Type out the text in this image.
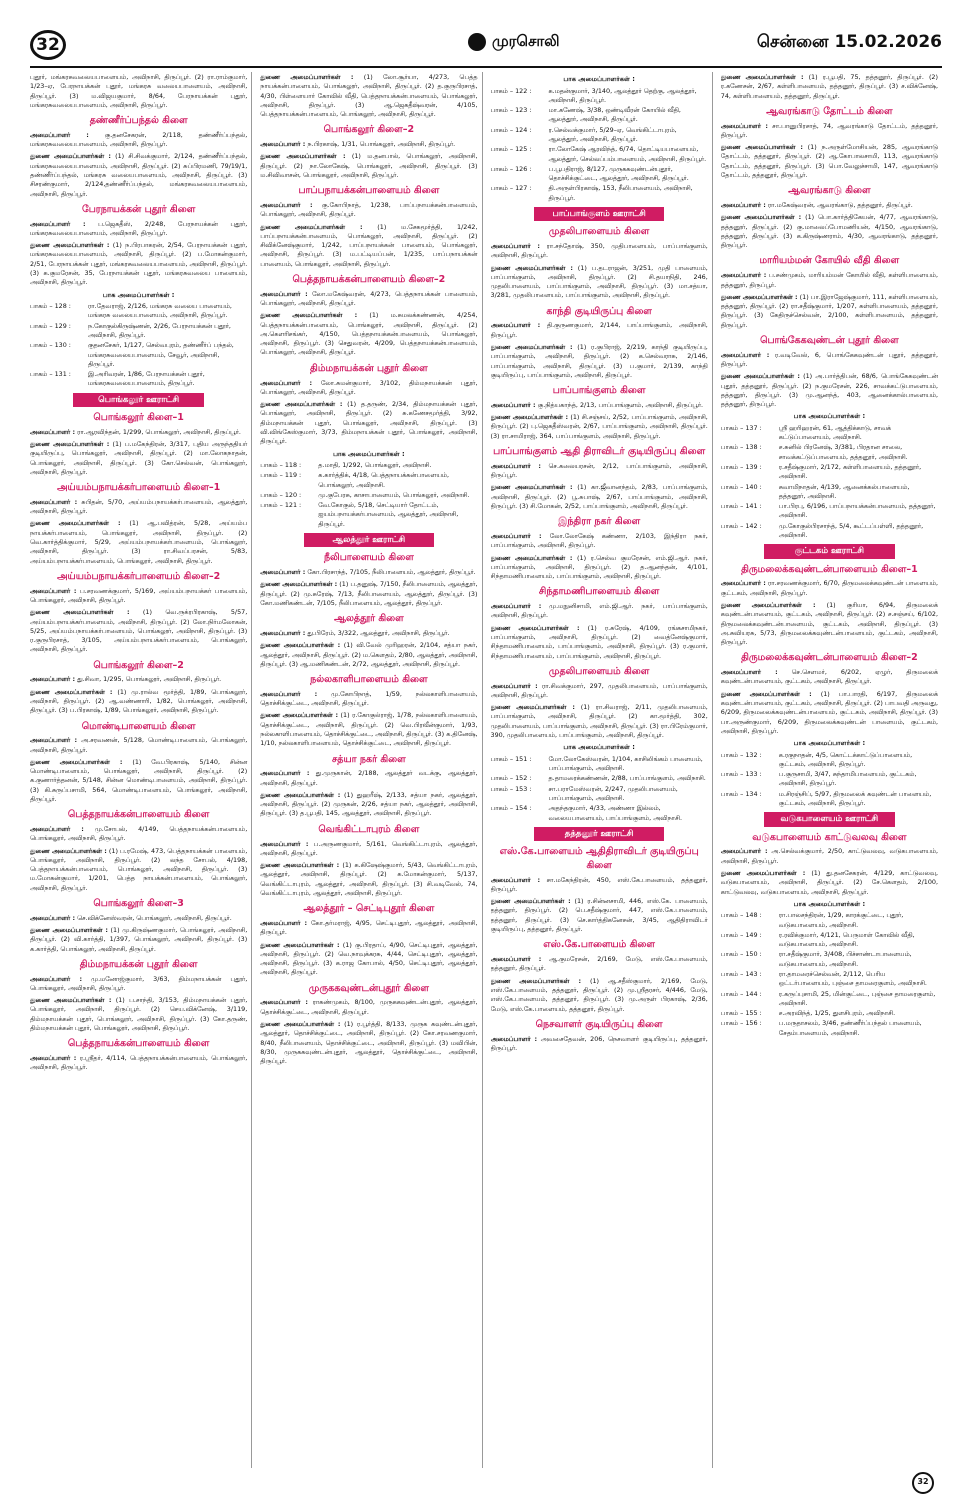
32	முரசொலி	சென்னை 15.02.2026
புதூர், மங்கரசுவலையபாளையம், அவிநாசி, திருப்பூர். (2) ரா.ராம்குமார், 1/23–ஏ, பேரநாயக்கன் புதூர், மங்கரசு வலையபாளையம், அவிநாசி, திருப்பூர். (3) ம.விஜயகுமார், 8/64, பேரநாயக்கன் புதூர், மங்கரசுவலையபாளையம், அவிநாசி, திருப்பூர்.
தண்ணீர்ப்பந்தல் கிளை
அமைப்பாளர் : கு.தனசேகரன், 2/118, தண்ணீர்ப்பந்தல், மங்கரசுவலையபாளையம், அவிநாசி, திருப்பூர்.
துணை அமைப்பாளர்கள் : (1) சி.சிவக்குமார், 2/124, தண்ணீர்ப்பந்தல், மங்கரசுவலையபாளையம், அவிநாசி, திருப்பூர். (2) சுப்பிரமணி, 79/19/1, தண்ணீர்ப்பந்தல், மங்கரசு வலையபாளையம், அவிநாசி, திருப்பூர். (3) சிசரண்குமார், 2/124,தண்ணீர்ப்பந்தல், மங்கரசுவலையபாளையம், அவிநாசி, திருப்பூர்.
பேரநாயக்கன் புதூர் கிளை
அமைப்பாளர் : ப.ஜெகதீஸ், 2/248, பேரநாயக்கன் புதூர், மங்கரசுவலையபாளையம், அவிநாசி, திருப்பூர்.
துணை அமைப்பாளர்கள் : (1) ந.பிரபாகரன், 2/54, பேரநாயக்கன் புதூர், மங்கரசுவலையபாளையம், அவிநாசி, திருப்பூர். (2) ப.மோகன்குமார், 2/51, பேரநாயக்கன் புதூர், மங்கரசுவலையபாளையம், அவிநாசி, திருப்பூர். (3) க.குமரேசன், 35, பேரநாயக்கன் புதூர், மங்கரசுவலைய பாளையம், அவிநாசி, திருப்பூர்.
பாக அமைப்பாளர்கள் :
பாகம் – 128 :	ரா.தேவராஜ், 2/126, மங்கரசு வலைய பாளையம், மங்கரசு வலையபாளையம், அவிநாசி, திருப்பூர்.
பாகம் – 129 :	ந.கோகுல்கிருஷ்ணன், 2/26, பேரநாயக்கன் புதூர், அவிநாசி, திருப்பூர்.
பாகம் – 130 :	குதனசேகர், 1/127, செல்வபுரம், தண்ணீர்ப் பந்தல், மங்கரசுவலையபாளையம், சேவூர், அவிநாசி, திருப்பூர்.
பாகம் – 131 :	இ.அரிவரன், 1/86, பேரநாயக்கன் புதூர், மங்கரசுவலையபாளையம், திருப்பூர்.
பொங்கலூர் ஊராட்சி
பொங்கலூர் கிளை–1
அமைப்பாளர் : ரா.ஆரவிந்தன், 1/299, பொங்கலூர், அவிநாசி, திருப்பூர்.
துணை அமைப்பாளர்கள் : (1) ப.மகேந்திரன், 3/317, புதிய அருந்ததியர் குடியிருப்பு, பொங்கலூர், அவிநாசி, திருப்பூர். (2) மா.லோகநாதன், பொங்கலூர், அவிநாசி, திருப்பூர். (3) கோ.செல்வன், பொங்கலூர், அவிநாசி, திருப்பூர்.
அய்யம்பநாயக்கர்பாளையம் கிளை–1
அமைப்பாளர் : சுபிதன், 5/70, அய்யம்பநாயக்கர்பாளையம், ஆலத்தூர், அவிநாசி, திருப்பூர்.
துணை அமைப்பாளர்கள் : (1) ஆ.பவித்ரன், 5/28, அய்யம்ப நாயக்கர்பாளையம், பொங்கலூர், அவிநாசி, திருப்பூர். (2) வெ.கார்த்திக்குமார், 5/29, அய்யம்பநாயக்கர்பாளையம், பொங்கலூர், அவிநாசி, திருப்பூர். (3) ரா.சிவப்பரசன், 5/83, அய்யம்பநாயக்கர்பாளையம், பொங்கலூர், அவிநாசி, திருப்பூர்.
அய்யம்பநாயக்கர்பாளையம் கிளை–2
அமைப்பாளர் : ப.சரவணக்குமார், 5/169, அய்யம்பநாயக்கர் பாளையம், பொங்கலூர், அவிநாசி, திருப்பூர்.
துணை அமைப்பாளர்கள் : (1) வெ.ருக்ரபிரகாஷ், 5/57, அய்யம்பநாயக்கர்பாளையம், அவிநாசி, திருப்பூர். (2) லோ.நிர்மலோகன், 5/25, அய்யம்பநாயக்கர்பாளையம், பொங்கலூர், அவிநாசி, திருப்பூர். (3) ர.குருபிரசாத், 3/105, அய்யம்பநாயக்கர்பாளையம், பொங்கலூர், அவிநாசி, திருப்பூர்.
பொங்கலூர் கிளை–2
அமைப்பாளர் : து.சிவா, 1/295, பொங்கலூர், அவிநாசி, திருப்பூர்.
துணை அமைப்பாளர்கள் : (1) மு.ரால்வ மூர்த்தி, 1/89, பொங்கலூர், அவிநாசி, திருப்பூர். (2) ஆ.வண்ணாரி, 1/82, பொங்கலூர், அவிநாசி, திருப்பூர். (3) ப.பிரகாஷ், 1/89, பொங்கலூர், அவிநாசி, திருப்பூர்.
மொண்டிபாளையம் கிளை
அமைப்பாளர் : அ.சரவணன், 5/128, மொண்டிபாளையம், பொங்கலூர், அவிநாசி, திருப்பூர்.
துணை அமைப்பாளர்கள் : (1) வே.பிரகாஷ், 5/140, சின்ன மொண்டிபாளையம், பொங்கலூர், அவிநாசி, திருப்பூர். (2) க.குணார்த்தனன், 5/148, சின்ன மொண்டிபாளையம், அவிநாசி, திருப்பூர். (3) கி.சுருப்பசாமி, 564, மொண்டிபாளையம், பொங்கலூர், அவிநாசி, திருப்பூர்.
பெத்தநாயக்கன்பாளையம் கிளை
அமைப்பாளர் : மு.சோபல், 4/149, பெத்தநாயக்கன்பாளையம், பொங்கலூர், அவிநாசி, திருப்பூர்.
துணை அமைப்பாளர்கள் : (1) ப.ரமேஷ், 473, பெத்தநாயக்கன் பாளையம், பொங்கலூர், அவிநாசி, திருப்பூர். (2) லந்த சோபல், 4/198, பெத்தநாயக்கன்பாளையம், பொங்கலூர், அவிநாசி, திருப்பூர். (3) ம.மோகன்குமார், 1/201, பெத்த நாயக்கன்பாளையம், பொங்கலூர், அவிநாசி, திருப்பூர்.
பொங்கலூர் கிளை–3
அமைப்பாளர் : செ.விக்னேஸ்வரன், பொங்கலூர், அவிநாசி, திருப்பூர்.
துணை அமைப்பாளர்கள் : (1) மு.கிருஷ்ணகுமார், பொங்கலூர், அவிநாசி, திருப்பூர். (2) வி.கார்த்தி, 1/397, பொங்கலூர், அவிநாசி, திருப்பூர். (3) க.கார்த்தி, பொங்கலூர், அவிநாசி, திருப்பூர்.
திம்மநாயக்கன் புதூர் கிளை
அமைப்பாளர் : மு.மனோஜ்குமார், 3/63, திம்மநாயக்கன் புதூர், பொங்கலூர், அவிநாசி, திருப்பூர்.
துணை அமைப்பாளர்கள் : (1) ப.சாந்தி, 3/153, திம்மநாயக்கன் புதூர், பொங்கலூர், அவிநாசி, திருப்பூர். (2) செய.விக்னேஷ், 3/119, திம்மநாயக்கன் புதூர், பொங்கலூர், அவிநாசி, திருப்பூர். (3) கோ.தருண், திம்மநாயக்கன் புதூர், பொங்கலூர், அவிநாசி, திருப்பூர்.
பெத்தநாயக்கன்பாளையம் கிளை
அமைப்பாளர் : ர.ஸ்ரீதர், 4/114, பெத்தநாயக்கன்பாளையம், பொங்கலூர், அவிநாசி, திருப்பூர்.
துணை அமைப்பாளர்கள் : (1) லோ.சூர்யா, 4/273, பெத்த நாயக்கன்பாளையம், பொங்கலூர், அவிநாசி, திருப்பூர். (2) த.குருபிரசாத், 4/30, பிள்ளையார் கோவில் வீதி, பெத்தநாயக்கன்பாளையம், பொங்கலூர், அவிநாசி, திருப்பூர். (3) ஆ.ஜெகதீஷ்வரன், 4/105, பெத்தநாயக்கன்பாளையம், பொங்கலூர், அவிநாசி, திருப்பூர்.
பொங்கலூர் கிளை–2
அமைப்பாளர் : ந.பிரகாஷ், 1/31, பொங்கலூர், அவிநாசி, திருப்பூர்.
துணை அமைப்பாளர்கள் : (1) ம.தனபால், பொங்கலூர், அவிநாசி, திருப்பூர். (2) நா.லோகேஷ், பொங்கலூர், அவிநாசி, திருப்பூர். (3) ம.சிவிவாசன், பொங்கலூர், அவிநாசி, திருப்பூர்.
பாப்பநாயக்கன்பாளையம் கிளை
அமைப்பாளர் : கு.கோபிநாத், 1/238, பாப்பநாயக்கன்பாளையம், பொங்கலூர், அவிநாசி, திருப்பூர்.
துணை அமைப்பாளர்கள் : (1) ம.சேகமூர்த்தி, 1/242, பாப்பநாயக்கன்பாளையம், பொங்கலூர், அவிநாசி, திருப்பூர். (2) சிவிக்னேஷ்குமார், 1/242, பாப்பநாயக்கன் பாளையம், பொங்கலூர், அவிநாசி, திருப்பூர். (3) ம.பட்டியப்பன், 1/235, பாப்பநாயக்கன் பாளையம், பொங்கலூர், அவிநாசி, திருப்பூர்.
பெத்தநாயக்கன்பாளையம் கிளை–2
அமைப்பாளர் : லோ.மகேஷ்வரன், 4/273, பெத்தநாயக்கன் பாளையம், பொங்கலூர், அவிநாசி, திருப்பூர்.
துணை அமைப்பாளர்கள் : (1) ம.சுமலக்கண்ணன், 4/254, பெத்தநாயக்கன்பாளையம், பொங்கலூர், அவிநாசி, திருப்பூர். (2) அ.கௌரிசங்கர், 4/150, பெத்தநாயக்கன்பாளையம், பொங்கலூர், அவிநாசி, திருப்பூர். (3) செதுவரன், 4/209, பெத்தநாயக்கன்பாளையம், பொங்கலூர், அவிநாசி, திருப்பூர்.
திம்மநாயக்கன் புதூர் கிளை
அமைப்பாளர் : லோ.சுமன்குமார், 3/102, திம்மநாயக்கன் புதூர், பொங்கலூர், அவிநாசி, திருப்பூர்.
துணை அமைப்பாளர்கள் : (1) த.தருண், 2/34, திம்மநாயக்கன் புதூர், பொங்கலூர், அவிநாசி, திருப்பூர். (2) சு.கணேசமூர்த்தி, 3/92, திம்மநாயக்கன் புதூர், பொங்கலூர், அவிநாசி, திருப்பூர். (3) வி.விங்கேஸ்குமார், 3/73, திம்மநாயக்கன் புதூர், பொங்கலூர், அவிநாசி, திருப்பூர்.
பாக அமைப்பாளர்கள் :
பாகம் – 118 :	த.மாதி, 1/292, பொங்கலூர், அவிநாசி.
பாகம் – 119 :	க.கார்த்திக், 4/18, பெத்தநாயக்கன்பாளையம், பொங்கலூர், அவிநாசி.
பாகம் – 120 :	மு.குபேரசு, காசாபாளையம், பொங்கலூர், அவிநாசி.
பாகம் – 121 :	வே.கோகுல், 5/18, செட்டியார் தோட்டம், ஐயம்பநாயக்கர்பாளையம், ஆலத்தூர், அவிநாசி, திருப்பூர்.
ஆலத்தூர் ஊராட்சி
நீலிபாளையம் கிளை
அமைப்பாளர் : கோ.பிரசாந்த், 7/105, நீலிபாளையம், ஆலத்தூர், திருப்பூர்.
துணை அமைப்பாளர்கள் : (1) ப.தனுஷ், 7/150, நீலிபாளையம், ஆலத்தூர், திருப்பூர். (2) மு.சுரேஷ், 7/13, நீலிபாளையம், ஆலத்தூர், திருப்பூர். (3) கோ.மணிகண்டன், 7/105, நீலிபாளையம், ஆலத்தூர், திருப்பூர்.
ஆலத்தூர் கிளை
அமைப்பாளர் : து.பிரேம், 3/322, ஆலத்தூர், அவிநாசி, திருப்பூர்.
துணை அமைப்பாளர்கள் : (1) வி.வேல் முரிஹரன், 2/104, சத்யா நகர், ஆலத்தூர், அவிநாசி, திருப்பூர். (2) ம.கௌதம், 2/80, ஆலத்தூர், அவிநாசி, திருப்பூர். (3) ஆ.மணிகண்டன், 2/72, ஆலத்தூர், அவிநாசி, திருப்பூர்.
நல்லகாளிபாளையம் கிளை
அமைப்பாளர் : மு.கோபிநாத், 1/59, நல்லகாளிபாளையம், தொச்சிக்குட்டை, அவிநாசி, திருப்பூர்.
துணை அமைப்பாளர்கள் : (1) ர.கோகுல்ராஜ், 1/78, நல்லகாளிபாளையம், தொச்சிக்குட்டை, அவிநாசி, திருப்பூர். (2) வெ.பிரவீன்குமார், 1/93, நல்லகாளிபாளையம், தொச்சிக்குட்டை, அவிநாசி, திருப்பூர். (3) க.தினேஷ், 1/10, நல்லகாளிபாளையம், தொச்சிக்குட்டை, அவிநாசி, திருப்பூர்.
சத்யா நகர் கிளை
அமைப்பாளர் : து.முருகான், 2/188, ஆலத்தூர் வடக்கு, ஆலத்தூர், அவிநாசி, திருப்பூர்.
துணை அமைப்பாளர்கள் : (1) துஹரீஷ், 2/133, சத்யா நகர், ஆலத்தூர், அவிநாசி, திருப்பூர். (2) முருகன், 2/26, சத்யா நகர், ஆலத்தூர், அவிநாசி, திருப்பூர். (3) த.பூபதி, 145, ஆலத்தூர், அவிநாசி, திருப்பூர்.
வெங்கிட்டாபுரம் கிளை
அமைப்பாளர் : ப.அருணகுமார், 5/161, வெங்கிட்டாபுரம், ஆலத்தூர், அவிநாசி, திருப்பூர்.
துணை அமைப்பாளர்கள் : (1) க.கிஷேஷ்குமார், 5/43, வெங்கிட்டாபுரம், ஆலத்தூர், அவிநாசி, திருப்பூர். (2) க.மோகன்குமார், 5/137, வெங்கிட்டாபுரம், ஆலத்தூர், அவிநாசி, திருப்பூர். (3) சி.வடிவேல், 74, வெங்கிட்டாபுரம், ஆலத்தூர், அவிநாசி, திருப்பூர்.
ஆலத்தூர் – செட்டிபுதூர் கிளை
அமைப்பாளர் : கோ.தர்மராஜ், 4/95, செட்டிபுதூர், ஆலத்தூர், அவிநாசி, திருப்பூர்.
துணை அமைப்பாளர்கள் : (1) கு.பிரதாப், 4/90, செட்டிபுதூர், ஆலத்தூர், அவிநாசி, திருப்பூர். (2) வெ.நாவுக்கரசு, 4/44, செட்டிபுதூர், ஆலத்தூர், அவிநாசி, திருப்பூர். (3) க.ராஜ கோபால், 4/50, செட்டிபுதூர், ஆலத்தூர், அவிநாசி, திருப்பூர்.
முருககவுண்டன்புதூர் கிளை
அமைப்பாளர் : ராகண்முகம், 8/100, முருககவுண்டன்புதூர், ஆலத்தூர், தொச்சிக்குட்டை, அவிநாசி, திருப்பூர்.
துணை அமைப்பாளர்கள் : (1) ர.பூர்த்தி, 8/133, முருக கவுண்டன்புதூர், ஆலத்தூர், தொச்சிக்குட்டை, அவிநாசி, திருப்பூர். (2) கோ.சரவணகுமார், 8/40, நீலிபாளையம், தொச்சிக்குட்டை, அவிநாசி, திருப்பூர். (3) மவிபின், 8/30, முருககவுண்டன்புதூர், ஆலத்தூர், தொச்சிக்குட்டை, அவிநாசி, திருப்பூர்.
பாக அமைப்பாளர்கள் :
பாகம் – 122 :	க.மதன்குமார், 3/140, ஆலத்தூர் தெற்கு, ஆலத்தூர், அவிநாசி, திருப்பூர்.
பாகம் – 123 :	மா.கணேஷ், 3/38, ஒண்டிவீரன் கோயில் வீதி, ஆலத்தூர், அவிநாசி, திருப்பூர்.
பாகம் – 124 :	ர.செல்வக்குமார், 5/29–ஏ, வெங்கிட்டாபுரம், ஆலத்தூர், அவிநாசி, திருப்பூர்.
பாகம் – 125 :	ரா.லோகேஷ் ஆரவிந்த், 6/74, தொட்டியபாளையம், ஆலத்தூர், செல்லப்பம்பாளையம், அவிநாசி, திருப்பூர்.
பாகம் – 126 :	ப.பூபதிராஜ், 8/127, முருககவுண்டன்புதூர், தொச்சிக்குட்டை, ஆலத்தூர், அவிநாசி, திருப்பூர்.
பாகம் – 127 :	தி.அருள்பிரகாஷ், 153, நீலிபாளையம், அவிநாசி, திருப்பூர்.
பாப்பாங்குளம் ஊராட்சி
முதலிபாளையம் கிளை
அமைப்பாளர் : ரா.சந்தோஷ், 350, முதிபாளையம், பாப்பாங்குளம், அவிநாசி, திருப்பூர்.
துணை அமைப்பாளர்கள் : (1) ப.தடராஜன், 3/251, முதி பாளையம், பாப்பாங்குளம், அவிநாசி, திருப்பூர். (2) சி.தயாநிதி, 246, முதலிபாளையம், பாப்பாங்குளம், அவிநாசி, திருப்பூர். (3) மா.சத்யா, 3/281, முதலிபாளையம், பாப்பாங்குளம், அவிநாசி, திருப்பூர்.
காந்தி குடியிருப்பு கிளை
அமைப்பாளர் : தி.குருணகுமார், 2/144, பாப்பாங்குளம், அவிநாசி, திருப்பூர்.
துணை அமைப்பாளர்கள் : (1) ர.குபிராஜ், 2/219, காந்தி குடியிருப்பு, பாப்பாங்குளம், அவிநாசி, திருப்பூர். (2) க.செல்வராசு, 2/146, பாப்பாங்குளம், அவிநாசி, திருப்பூர். (3) ப.குமார், 2/139, காந்தி குடியிருப்பு, பாப்பாங்குளம், அவிநாசி, திருப்பூர்.
பாப்பாங்குளம் கிளை
அமைப்பாளர் : கு.நித்யகாந்த், 2/13, பாப்பாங்குளம், அவிநாசி, திருப்பூர்.
துணை அமைப்பாளர்கள் : (1) சி.சஞ்சய், 2/52, பாப்பாங்குளம், அவிநாசி, திருப்பூர். (2) பு.ஜெகதீஸ்வரன், 2/67, பாப்பாங்குளம், அவிநாசி, திருப்பூர். (3) ரா.சாமிராஜ், 364, பாப்பாங்குளம், அவிநாசி, திருப்பூர்.
பாப்பாங்குளம் ஆதி திராவிடர் குடியிருப்பு கிளை
அமைப்பாளர் : செ.கலையரசன், 2/12, பாப்பாங்குளம், அவிநாசி, திருப்பூர்.
துணை அமைப்பாளர்கள் : (1) கா.ஜீவானந்தம், 2/83, பாப்பாங்குளம், அவிநாசி, திருப்பூர். (2) பூ.சுபாஷ், 2/67, பாப்பாங்குளம், அவிநாசி, திருப்பூர். (3) சி.மோகன், 2/52, பாப்பாங்குளம், அவிநாசி, திருப்பூர்.
இந்திரா நகர் கிளை
அமைப்பாளர் : லோ.லோகேஷ் கண்ணா, 2/103, இந்திரா நகர், பாப்பாங்குளம், அவிநாசி, திருப்பூர்.
துணை அமைப்பாளர்கள் : (1) ர.செல்வ குமரேசன், எம்.ஜி.ஆர். நகர், பாப்பாங்குளம், அவிநாசி, திருப்பூர். (2) த.ஆனந்தன், 4/101, சிந்தாமணிபாளையம், பாப்பாங்குளம், அவிநாசி, திருப்பூர்.
சிந்தாமணிபாளையம் கிளை
அமைப்பாளர் : மு.மநுனிசாமி, எம்.ஜி.ஆர். நகர், பாப்பாங்குளம், அவிநாசி, திருப்பூர்.
துணை அமைப்பாளர்கள் : (1) ர.சுரேஷ், 4/109, ரங்கசாமிநகர், பாப்பாங்குளம், அவிநாசி, திருப்பூர். (2) வைத்னேஷ்குமார், சிந்தாமணிபாளையம், பாப்பாங்குளம், அவிநாசி, திருப்பூர். (3) ர.குமார், சிந்தாமணிபாளையம், பாப்பாங்குளம், அவிநாசி, திருப்பூர்.
முதலிபாளையம் கிளை
அமைப்பாளர் : ரா.சிவக்குமார், 297, முதலிபாளையம், பாப்பாங்குளம், அவிநாசி, திருப்பூர்.
துணை அமைப்பாளர்கள் : (1) ரா.சிவராஜ், 2/11, முதலிபாளையம், பாப்பாங்குளம், அவிநாசி, திருப்பூர். (2) கா.மூர்த்தி, 302, முதலிபாளையம், பாப்பாங்குளம், அவிநாசி, திருப்பூர். (3) ரா.பிரேம்குமார், 390, முதலிபாளையம், பாப்பாங்குளம், அவிநாசி, திருப்பூர்.
பாக அமைப்பாளர்கள் :
பாகம் – 151 :	மோ.லோகேஸ்வரன், 1/104, காசிலிங்கம் பாளையம், பாப்பாங்குளம், அவிநாசி.
பாகம் – 152 :	த.தாமரைக்கண்ணன், 2/88, பாப்பாங்குளம், அவிநாசி.
பாகம் – 153 :	சா.பராமேஸ்வரன், 2/247, முதலிபாளையம், பாப்பாங்குளம், அவிநாசி.
பாகம் – 154 :	அதந்தகுமார், 4/33, அண்ணா இல்லம், வலையபாளையம், பாப்பாங்குளம், அவிநாசி.
தத்தனூர் ஊராட்சி
எஸ்.கே.பாளையம் ஆதிதிராவிடர் குடியிருப்பு கிளை
அமைப்பாளர் : சா.மகேந்திரன், 450, எஸ்.கே.பாளையம், தத்தனூர், திருப்பூர்.
துணை அமைப்பாளர்கள் : (1) ர.சின்னசாமி, 446, எஸ்.கே. பாளையம், தத்தனூர், திருப்பூர். (2) பெ.சதீஷ்குமார், 447, எஸ்.கே.பாளையம், தத்தனூர், திருப்பூர். (3) செ.கார்த்திகனேசன், 3/45, ஆதிதிராவிடர் குடியிருப்பு, தத்தனூர், திருப்பூர்.
எஸ்.கே.பாளையம் கிளை
அமைப்பாளர் : ஆ.குமரேசன், 2/169, மேடு, எஸ்.கே.பாளையம், தத்தனூர், திருப்பூர்.
துணை அமைப்பாளர்கள் : (1) ஆ.சதீஸ்குமார், 2/169, மேடு, எஸ்.கே.பாளையம், தத்தனூர், திருப்பூர். (2) மு.ஸ்ரீதரசர், 4/446, மேடு, எஸ்.கே.பாளையம், தத்தனூர், திருப்பூர். (3) மு.அருள் பிரகாஷ், 2/36, மேடு, எஸ்.கே.பாளையம், தத்தனூர், திருப்பூர்.
நெசவாளர் குடியிருப்பு கிளை
அமைப்பாளர் : அவசைதேவன், 206, நெசவாளர் குடியிருப்பு, தத்தனூர், திருப்பூர்.
துணை அமைப்பாளர்கள் : (1) ர.பூபதி, 75, தத்தனூர், திருப்பூர். (2) ர.கணேசன், 2/67, கள்ளிபாளையம், தத்தனூர், திருப்பூர். (3) ச.விக்னேஷ், 74, கள்ளிபாளையம், தத்தனூர், திருப்பூர்.
ஆவரங்காடு தோட்டம் கிளை
அமைப்பாளர் : சா.பானுபிரசாத், 74, ஆவரங்காடு தோட்டம், தத்தனூர், திருப்பூர்.
துணை அமைப்பாளர்கள் : (1) ந.அருள்மோசியன், 285, ஆவரங்காடு தோட்டம், தத்தனூர், திருப்பூர். (2) ஆ.கோபாலசாமி, 113, ஆவரங்காடு தோட்டம், தத்தனூர், திருப்பூர். (3) பொ.வேலுச்சாமி, 147, ஆவரங்காடு தோட்டம், தத்தனூர், திருப்பூர்.
ஆவரங்காடு கிளை
அமைப்பாளர் : ரா.மகேஷ்வரன், ஆவரங்காடு, தத்தனூர், திருப்பூர்.
துணை அமைப்பாளர்கள் : (1) பொ.கார்த்திகேயன், 4/77, ஆவரங்காடு, தத்தனூர், திருப்பூர். (2) கு.மாலைப்போமணியன், 4/150, ஆவரங்காடு, தத்தனூர், திருப்பூர். (3) க.கிருஷ்ணராம், 4/30, ஆவரங்காடு, தத்தனூர், திருப்பூர்.
மாரியம்மன் கோயில் வீதி கிளை
அமைப்பாளர் : ப.சண்முகம், மாரியம்மன் கோயில் வீதி, கள்ளிபாளையம், தத்தனூர், திருப்பூர்.
துணை அமைப்பாளர்கள் : (1) பா.இராஜேஷ்குமார், 111, கள்ளிபாளையம், தத்தனூர், திருப்பூர். (2) ரா.சதீஷ்குமார், 1/207, கள்ளிபாளையம், தத்தனூர், திருப்பூர். (3) கேதிருச்செல்வன், 2/100, கள்ளிபாளையம், தத்தனூர், திருப்பூர்.
பொங்கேகவுண்டன் புதூர் கிளை
அமைப்பாளர் : ர.வடிவேல், 6, பொங்கேகவுண்டன் புதூர், தத்தனூர், திருப்பூர்.
துணை அமைப்பாளர்கள் : (1) அ.பார்த்திபன், 68/6, பொங்கேகவுண்டன் புதூர், தத்தனூர், திருப்பூர். (2) ந.குமரேசன், 226, சாவக்கட்டுபாளையம், தத்தனூர், திருப்பூர். (3) மு.ஆனந்த், 403, ஆனைக்கால்பாளையம், தத்தனூர், திருப்பூர்.
பாக அமைப்பாளர்கள் :
பாகம் – 137 :	ஸ்ரீ ஹரிஹரன், 61, ஆத்திக்காடு, சாவக் கட்டுப்பாளையம், அவிநாசி.
பாகம் – 138 :	ச.சுனில் பிரனேஷ், 3/381, பிரதான சாலை, சாவக்கட்டுப்பாளையம், தத்தனூர், அவிநாசி.
பாகம் – 139 :	ர.சதீஷ்குமார், 2/172, கள்ளிபாளையம், தத்தனூர், அவிநாசி.
பாகம் – 140 :	சுவாமிநாதன், 4/139, ஆனைக்கல்பாளையம், தத்தனூர், அவிநாசி.
பாகம் – 141 :	பா.பிரபு, 6/196, பாப்பநாயக்கன்பாளையம், தத்தனூர், அவிநாசி.
பாகம் – 142 :	மு.கோகுல்பிரசாந்த், 5/4, கூட்டப்பள்ளி, தத்தனூர், அவிநாசி.
குட்டகம் ஊராட்சி
திருமலைக்கவுண்டன்பாளையம் கிளை–1
அமைப்பாளர் : ரா.சரவணக்குமார், 6/70, திருமலைக்கவுண்டன் பாளையம், குட்டகம், அவிநாசி, திருப்பூர்.
துணை அமைப்பாளர்கள் : (1) குரியா, 6/94, திருமலைக் கவுண்டன்பாளையம், குட்டகம், அவிநாசி, திருப்பூர். (2) ச.சஞ்சய், 6/102, திருமலைக்கவுண்டன்பாளையம், குட்டகம், அவிநாசி, திருப்பூர். (3) அ.சுவியரசு, 5/73, திருமலைக்கவுண்டன்பாளையம், குட்டகம், அவிநாசி, திருப்பூர்.
திருமலைக்கவுண்டன்பாளையம் கிளை–2
அமைப்பாளர் : செ.சௌமர், 6/202, ஏழுர், திருமலைக் கவுண்டன்பாளையம், குட்டகம், அவிநாசி, திருப்பூர்.
துணை அமைப்பாளர்கள் : (1) பா.பாரதி, 6/197, திருமலைக் கவுண்டன்பாளையம், குட்டகம், அவிநாசி, திருப்பூர். (2) பாபவதி அருவது, 6/209, திருமலைக்கவுண்டன்பாளையம், குட்டகம், அவிநாசி, திருப்பூர். (3) பா.அருண்குமார், 6/209, திருமலைக்கவுண்டன் பாளையம், குட்டகம், அவிநாசி, திருப்பூர்.
பாக அமைப்பாளர்கள் :
பாகம் – 132 :	க.ரகுநாதன், 4/5, கொட்டக்காட்டுப்பாளையம், குட்டகம், அவிநாசி, திருப்பூர்.
பாகம் – 133 :	ப.குருசாமி, 3/47, சுந்தாமிபாளையம், குட்டகம், அவிநாசி, திருப்பூர்.
பாகம் – 134 :	ம.சிரஞ்சிப், 5/97, திருமலைக் கவுண்டன் பாளையம், குட்டகம், அவிநாசி, திருப்பூர்.
வடுகபாளையம் ஊராட்சி
வடுகபாளையம் காட்டுவலவு கிளை
அமைப்பாளர் : அ.செல்வக்குமார், 2/50, காட்டுவலவு, வடுகபாளையம், அவிநாசி, திருப்பூர்.
துணை அமைப்பாளர்கள் : (1) து.தனசேகரன், 4/129, காட்டுவலவு, வடுகபாளையம், அவிநாசி, திருப்பூர். (2) சே.கௌதம், 2/100, காட்டுவலவு, வடுகபாளையம், அவிநாசி, திருப்பூர்.
பாக அமைப்பாளர்கள் :
பாகம் – 148 :	ரா.பாலசந்திரன், 1/29, காரக்குட்டை, புதூர், வடுகபாளையம், அவிநாசி.
பாகம் – 149 :	ர.ரவிக்குமார், 4/121, பெருமாள் கோவில் வீதி, வடுகபாளையம், அவிநாசி.
பாகம் – 150 :	ரா.சதீஷ்குமார், 3/408, பிச்சாண்டாபாளையம், வடுகபாளையம், அவிநாசி.
பாகம் – 143 :	ரா.தாமரைச்செல்வன், 2/112, பெரிய ஒட்டர்பாளையம், புஞ்சை தாமரைகுளம், அவிநாசி.
பாகம் – 144 :	ர.கருப்புசாமி, 25, மின்குட்டை, புஞ்சை தாமரைகுளம், அவிநாசி.
பாகம் – 155 :	ச.அரவிந்த், 1/25, துளசிபுரம், அவிநாசி.
பாகம் – 156 :	ப.மருதாசலம், 3/46, தண்ணீர்ப்பந்தல் பாளையம், சேதம்பாளையம், அவிநாசி.
32
